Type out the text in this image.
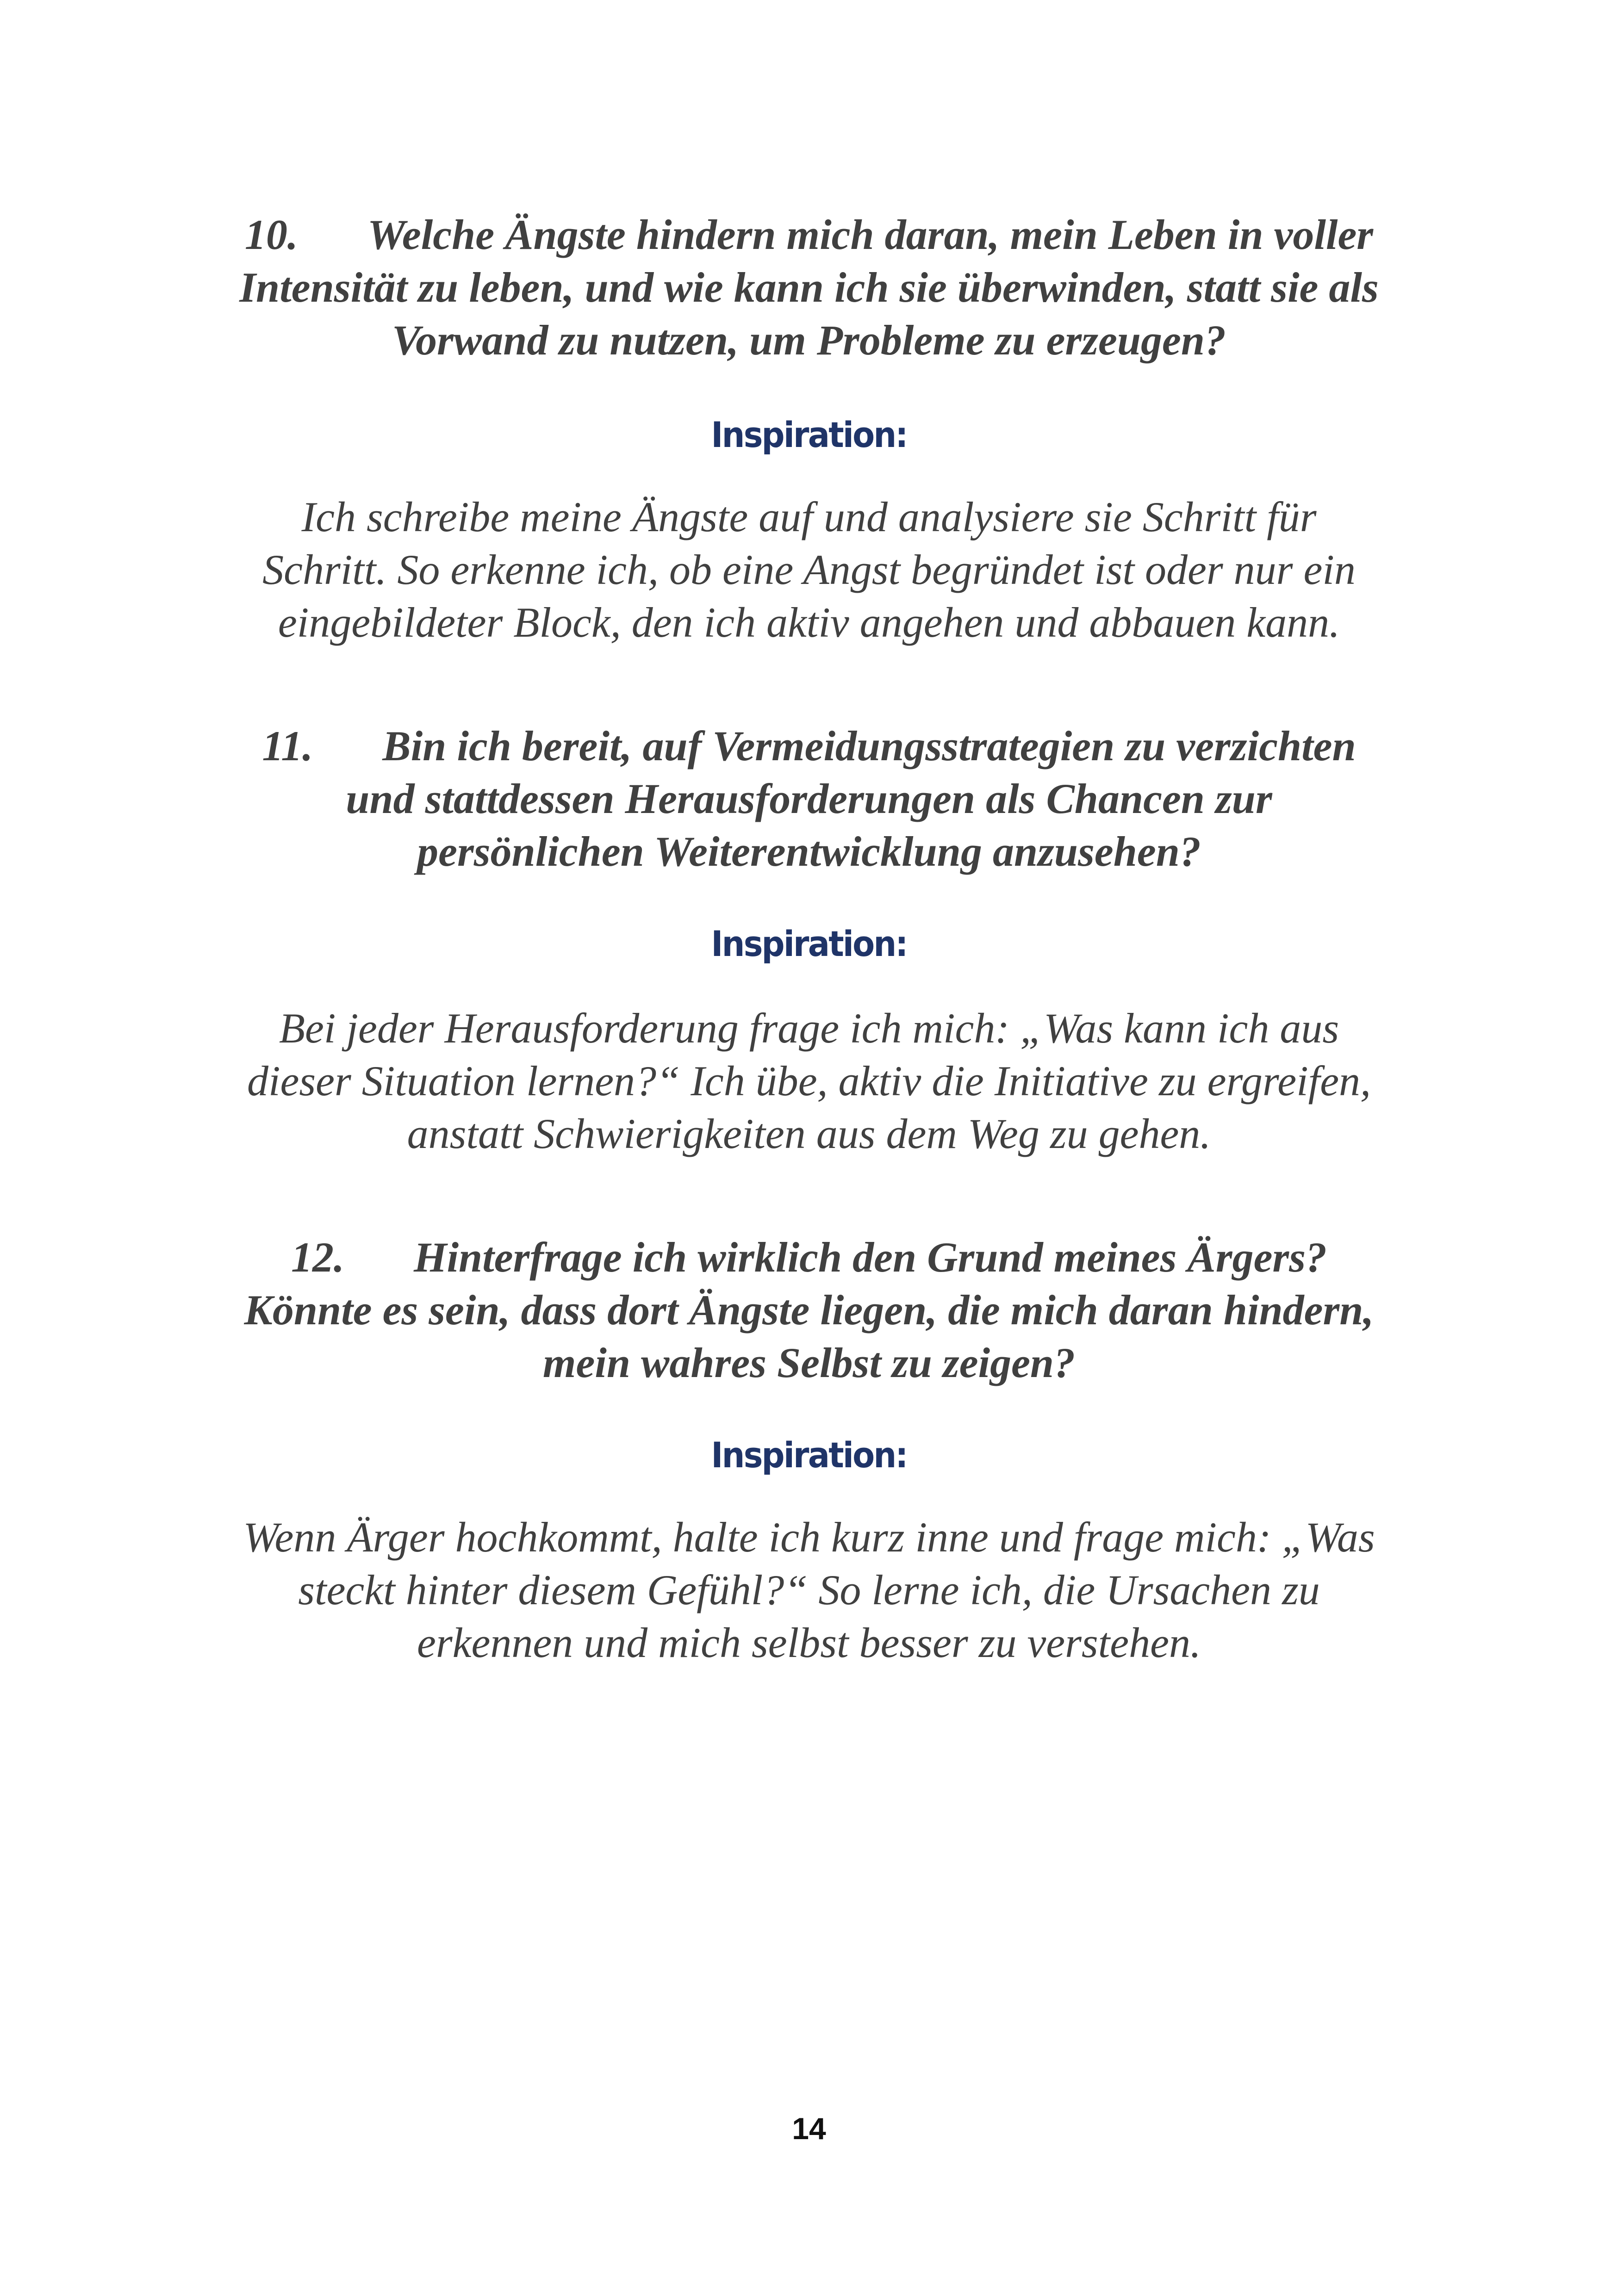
10. Welche Ängste hindern mich daran, mein Leben in voller
Intensität zu leben, und wie kann ich sie überwinden, statt sie als
Vorwand zu nutzen, um Probleme zu erzeugen?
Inspiration:
Ich schreibe meine Ängste auf und analysiere sie Schritt für
Schritt. So erkenne ich, ob eine Angst begründet ist oder nur ein
eingebildeter Block, den ich aktiv angehen und abbauen kann.
11. Bin ich bereit, auf Vermeidungsstrategien zu verzichten
und stattdessen Herausforderungen als Chancen zur
persönlichen Weiterentwicklung anzusehen?
Inspiration:
Bei jeder Herausforderung frage ich mich: „Was kann ich aus
dieser Situation lernen?“ Ich übe, aktiv die Initiative zu ergreifen,
anstatt Schwierigkeiten aus dem Weg zu gehen.
12. Hinterfrage ich wirklich den Grund meines Ärgers?
Könnte es sein, dass dort Ängste liegen, die mich daran hindern,
mein wahres Selbst zu zeigen?
Inspiration:
Wenn Ärger hochkommt, halte ich kurz inne und frage mich: „Was
steckt hinter diesem Gefühl?“ So lerne ich, die Ursachen zu
erkennen und mich selbst besser zu verstehen.
14
